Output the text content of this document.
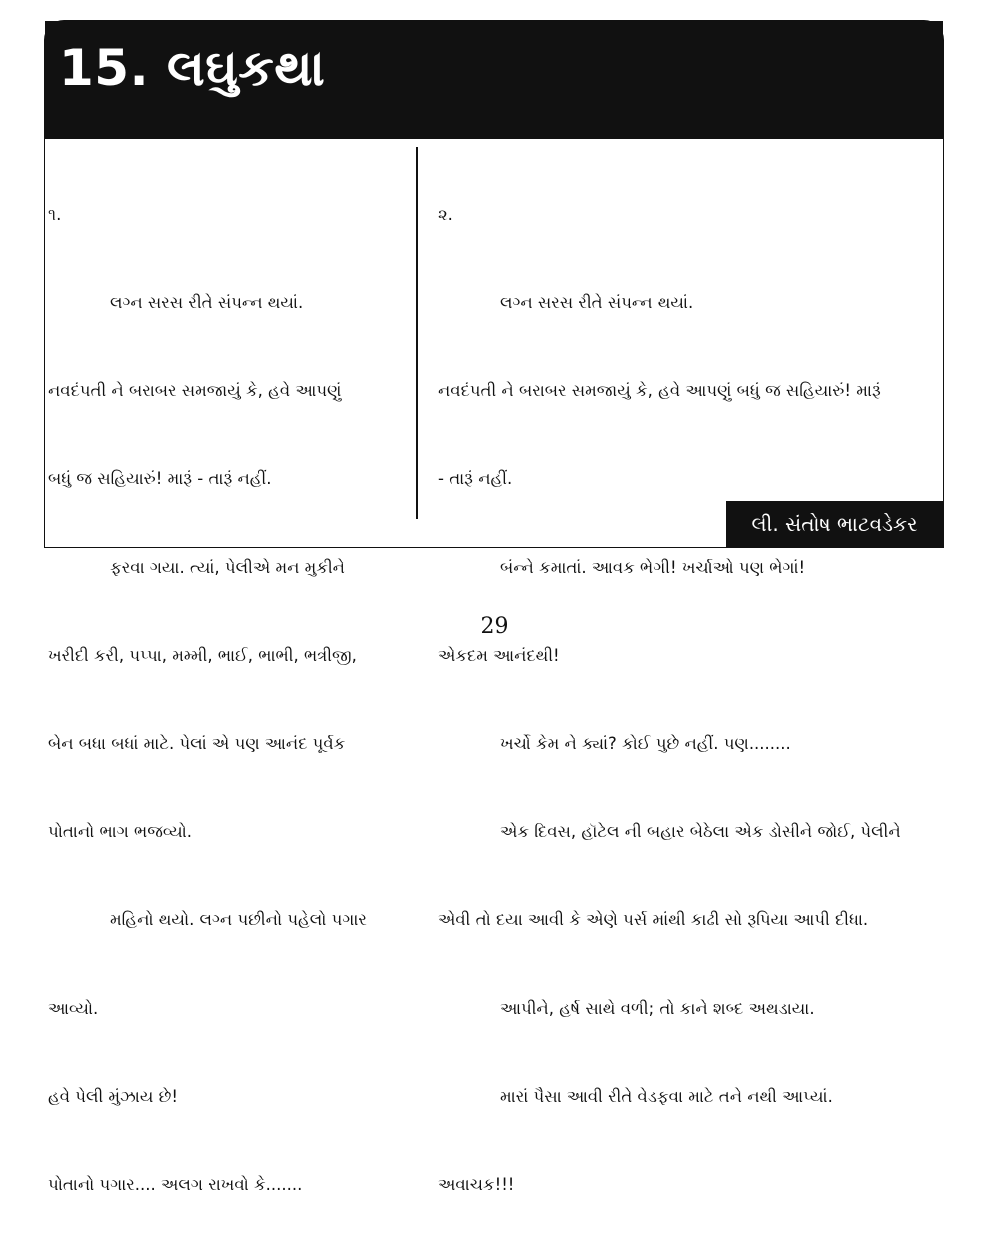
15. લઘુકથા

૧.

લગ્ન સરસ રીતે સંપન્ન થયાં.

નવદંપતી ને બરાબર સમજાયું કે, હવે આપણું

બધું જ સહિયારું! મારૂં - તારૂં નહીં.

ફરવા ગયા. ત્યાં, પેલીએ મન મુકીને

ખરીદી કરી, પપ્પા, મમ્મી, ભાઈ, ભાભી, ભત્રીજી,

બેન બધા બધાં માટે. પેલાં એ પણ આનંદ પૂર્વક

પોતાનો ભાગ ભજવ્યો.

મહિનો થયો. લગ્ન પછીનો પહેલો પગાર

આવ્યો.

હવે પેલી મુંઝાય છે!

પોતાનો પગાર.... અલગ રાખવો કે.......

૨.

લગ્ન સરસ રીતે સંપન્ન થયાં.

નવદંપતી ને બરાબર સમજાયું કે, હવે આપણું બધું જ સહિયારું! મારૂં

- તારૂં નહીં.

બંન્ને કમાતાં. આવક ભેગી! ખર્ચાઓ પણ ભેગાં!

એકદમ આનંદથી!

ખર્ચો કેમ ને ક્યાં? કોઈ પુછે નહીં. પણ........

એક દિવસ, હૉટેલ ની બહાર બેઠેલા એક ડોસીને જોઈ, પેલીને

એવી તો દયા આવી કે એણે પર્સ માંથી કાઢી સો રૂપિયા આપી દીધા.

આપીને, હર્ષ સાથે વળી; તો કાને શબ્દ અથડાયા.

મારાં પૈસા આવી રીતે વેડફવા માટે તને નથી આપ્યાં.

અવાચક!!!

લી. સંતોષ ભાટવડેકર
29
